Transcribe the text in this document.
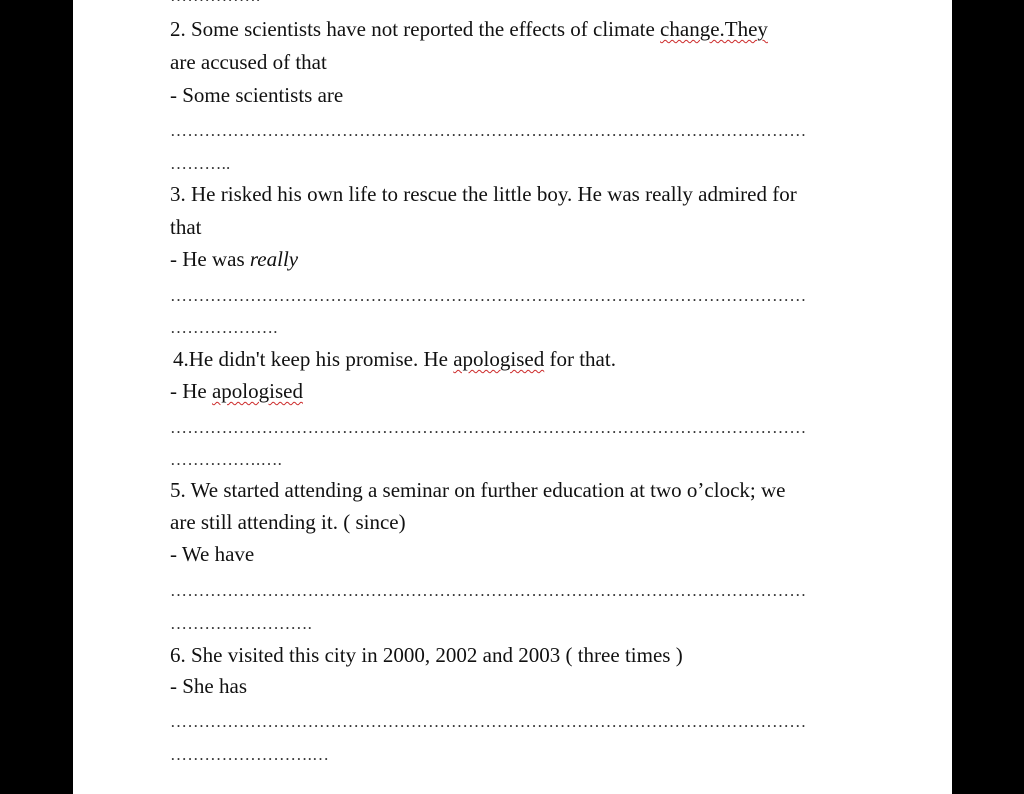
2. Some scientists have not reported the effects of climate change.They
are accused of that
- Some scientists are
…………………………………………………………………………………………………
………..
3. He risked his own life to rescue the little boy. He was really admired for
that
- He was really
…………………………………………………………………………………………………
……………….
4.He didn't keep his promise. He apologised for that.
- He apologised
…………………………………………………………………………………………………
…………….….
5. We started attending a seminar on further education at two o’clock; we
are still attending it. ( since)
- We have
…………………………………………………………………………………………………
…………………….
6. She visited this city in 2000, 2002 and 2003 ( three times )
- She has
…………………………………………………………………………………………………
…………………….…
